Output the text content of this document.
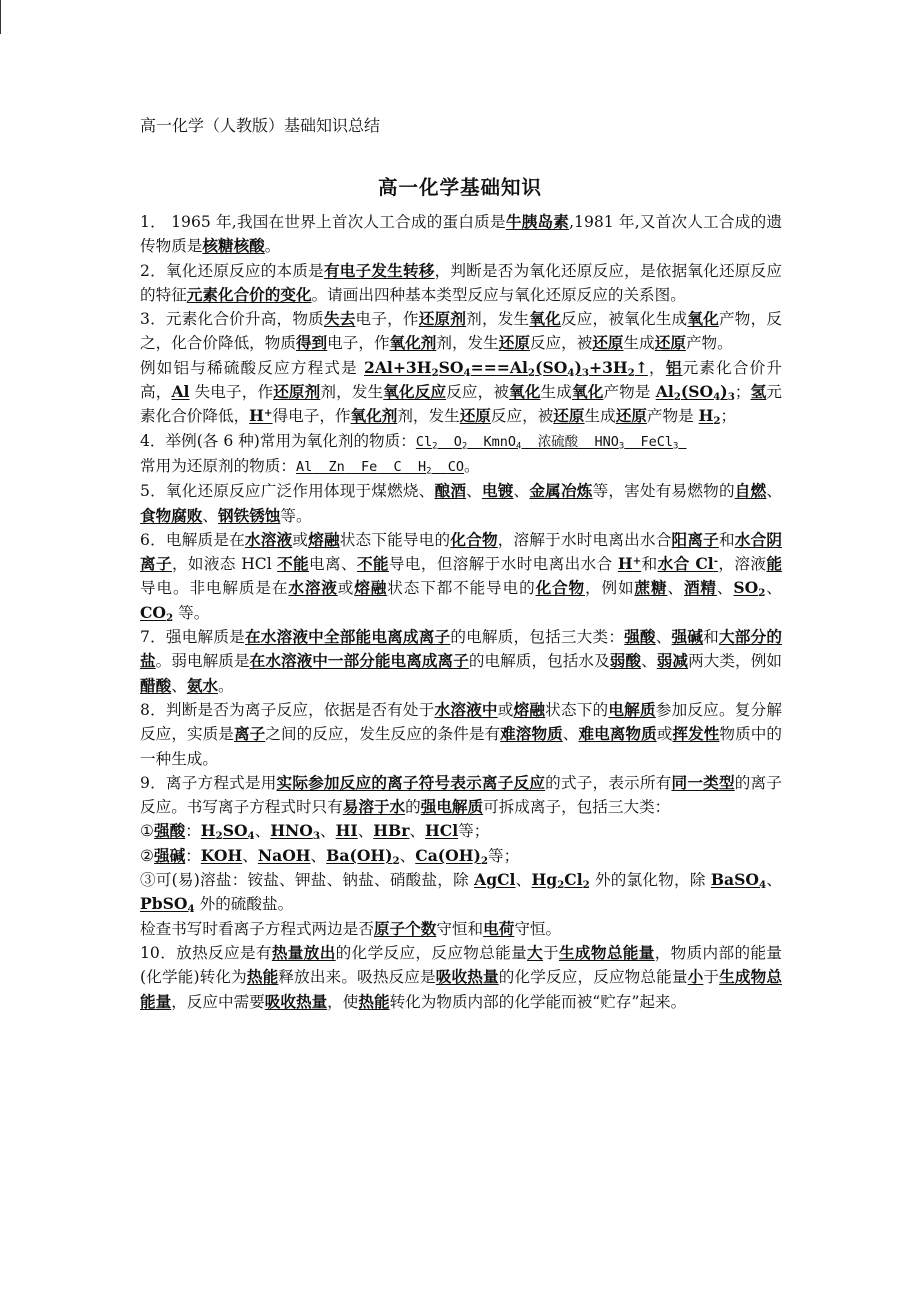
高一化学（人教版）基础知识总结
高一化学基础知识

1． 1965 年,我国在世界上首次人工合成的蛋白质是牛胰岛素,1981 年,又首次人工合成的遗传物质是核糖核酸。

2．氧化还原反应的本质是有电子发生转移，判断是否为氧化还原反应，是依据氧化还原反应的特征元素化合价的变化。请画出四种基本类型反应与氧化还原反应的关系图。

3．元素化合价升高，物质失去电子，作还原剂剂，发生氧化反应，被氧化生成氧化产物，反之，化合价降低，物质得到电子，作氧化剂剂，发生还原反应，被还原生成还原产物。

例如铝与稀硫酸反应方程式是 $2Al+3H_2SO_4===Al_2(SO_4)_3+3H_2↑$，铝元素化合价升高，Al 失电子，作还原剂剂，发生氧化反应反应，被氧化生成氧化产物是 $Al_2(SO_4)_3$；氢元素化合价降低，H+得电子，作氧化剂剂，发生还原反应，被还原生成还原产物是 $H_2$；

4．举例(各 6 种)常用为氧化剂的物质：$Cl_2$ $O_2$ KmnO$_4$ 浓硫酸 $HNO_3$ FeCl$_3$
常用为还原剂的物质：Al Zn Fe C $H_2$ CO。

5．氧化还原反应广泛作用体现于煤燃烧、酿酒、电镀、金属冶炼等，害处有易燃物的自燃、食物腐败、钢铁锈蚀等。

6．电解质是在水溶液或熔融状态下能导电的化合物，溶解于水时电离出水合阳离子和水合阴离子，如液态 HCl 不能电离、不能导电，但溶解于水时电离出水合 H+和水合 Cl-，溶液能导电。非电解质是在水溶液或熔融状态下都不能导电的化合物，例如蔗糖、酒精、$SO_2$、$CO_2$ 等。

7．强电解质是在水溶液中全部能电离成离子的电解质，包括三大类：强酸、强碱和大部分的盐。弱电解质是在水溶液中一部分能电离成离子的电解质，包括水及弱酸、弱减两大类，例如醋酸、氨水。

8．判断是否为离子反应，依据是否有处于水溶液中或熔融状态下的电解质参加反应。复分解反应，实质是离子之间的反应，发生反应的条件是有难溶物质、难电离物质或挥发性物质中的一种生成。

9．离子方程式是用实际参加反应的离子符号表示离子反应的式子，表示所有同一类型的离子反应。书写离子方程式时只有易溶于水的强电解质可拆成离子，包括三大类：

①强酸：$H_2SO_4$、$HNO_3$、HI、HBr、HCl等；

②强碱：KOH、NaOH、$Ba(OH)_2$、$Ca(OH)_2$等；

③可(易)溶盐：铵盐、钾盐、钠盐、硝酸盐，除 AgCl、$Hg_2Cl_2$ 外的氯化物，除 BaSO$_4$、PbSO$_4$ 外的硫酸盐。

检查书写时看离子方程式两边是否原子个数守恒和电荷守恒。

10．放热反应是有热量放出的化学反应，反应物总能量大于生成物总能量，物质内部的能量(化学能)转化为热能释放出来。吸热反应是吸收热量的化学反应，反应物总能量小于生成物总能量，反应中需要吸收热量，使热能转化为物质内部的化学能而被“贮存”起来。
